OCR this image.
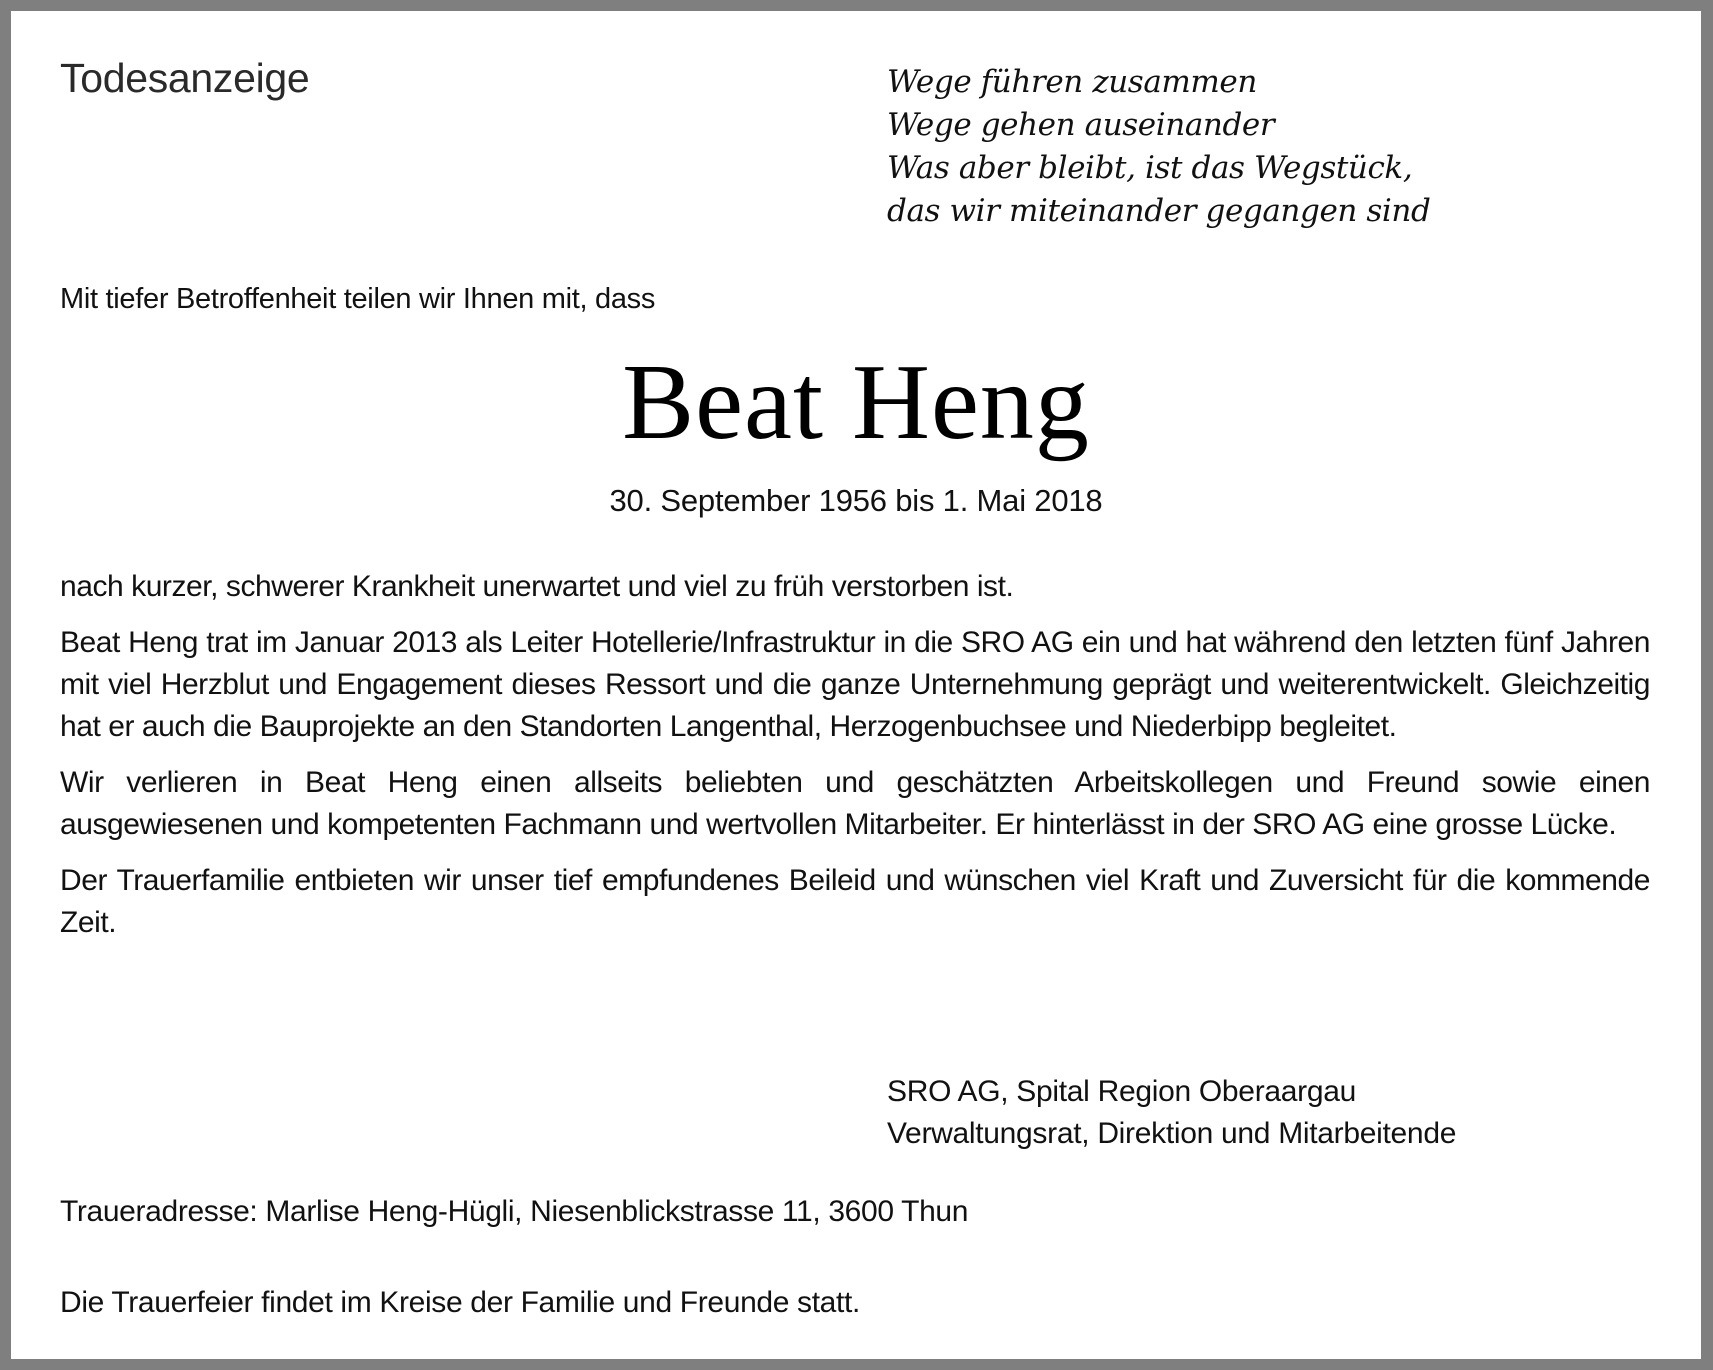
Todesanzeige	Wege führen zusammen
Wege gehen auseinander
Was aber bleibt, ist das Wegstück,
das wir miteinander gegangen sind

Mit tiefer Betroffenheit teilen wir Ihnen mit, dass

Beat Heng

30. September 1956 bis 1. Mai 2018

nach kurzer, schwerer Krankheit unerwartet und viel zu früh verstorben ist.

Beat Heng trat im Januar 2013 als Leiter Hotellerie/Infrastruktur in die SRO AG ein und hat während den letzten fünf Jahren mit viel Herzblut und Engagement dieses Ressort und die ganze Unternehmung geprägt und weiterentwickelt. Gleichzeitig hat er auch die Bauprojekte an den Standorten Langenthal, Herzogenbuchsee und Niederbipp begleitet.

Wir verlieren in Beat Heng einen allseits beliebten und geschätzten Arbeitskollegen und Freund sowie einen ausgewiesenen und kompetenten Fachmann und wertvollen Mitarbeiter. Er hinterlässt in der SRO AG eine grosse Lücke.

Der Trauerfamilie entbieten wir unser tief empfundenes Beileid und wünschen viel Kraft und Zuversicht für die kommende Zeit.

SRO AG, Spital Region Oberaargau
Verwaltungsrat, Direktion und Mitarbeitende

Traueradresse: Marlise Heng-Hügli, Niesenblickstrasse 11, 3600 Thun

Die Trauerfeier findet im Kreise der Familie und Freunde statt.
